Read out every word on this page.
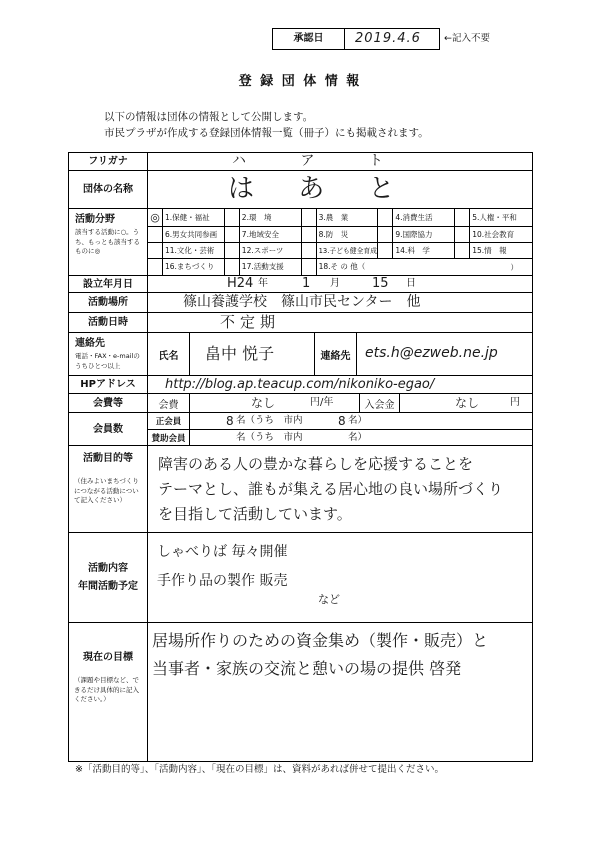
承認日	2019.4.6 ←記入不要
登 録 団 体 情 報
以下の情報は団体の情報として公開します。
市民プラザが作成する登録団体情報一覧（冊子）にも掲載されます。
フリガナ	ハ ア ト
団体の名称	は あ と
活動分野
該当する活動に○。うち、もっとも該当するものに◎
◎ 1.保健・福祉	2.環　境	3.農　業	4.消費生活	5.人権・平和
6.男女共同参画	7.地域安全	8.防　災	9.国際協力	10.社会教育
11.文化・芸術	12.スポーツ	13.子ども健全育成 14.科　学	15.情　報
16.まちづくり	17.活動支援	18.そ の 他（	）
設立年月日	H24 年	1 月 15 日
活動場所	篠山養護学校　篠山市民センター　他
活動日時	不定期
連絡先
電話・FAX・e-mailのうちひとつ以上
氏名	畠中 悦子	連絡先	ets.h@ezweb.ne.jp
HPアドレス	http://blog.ap.teacup.com/nikoniko-egao/
会費等	会費	なし	円/年	入会金	なし	円
会員数
正会員	8 名（うち　市内	8 名）
賛助会員	名（うち　市内	名）
活動目的等
（住みよいまちづくりにつながる活動について記入ください）
障害のある人の豊かな暮らしを応援することを
テーマとし、誰もが集える居心地の良い場所づくり
を目指して活動しています。
活動内容
年間活動予定
しゃべりば 毎々開催
手作り品の製作 販売
など
現在の目標
（課題や目標など、できるだけ具体的に記入ください。）
居場所作りのための資金集め（製作・販売）と
当事者・家族の交流と憩いの場の提供 啓発
※「活動目的等」、「活動内容」、「現在の目標」は、資料があれば併せて提出ください。
